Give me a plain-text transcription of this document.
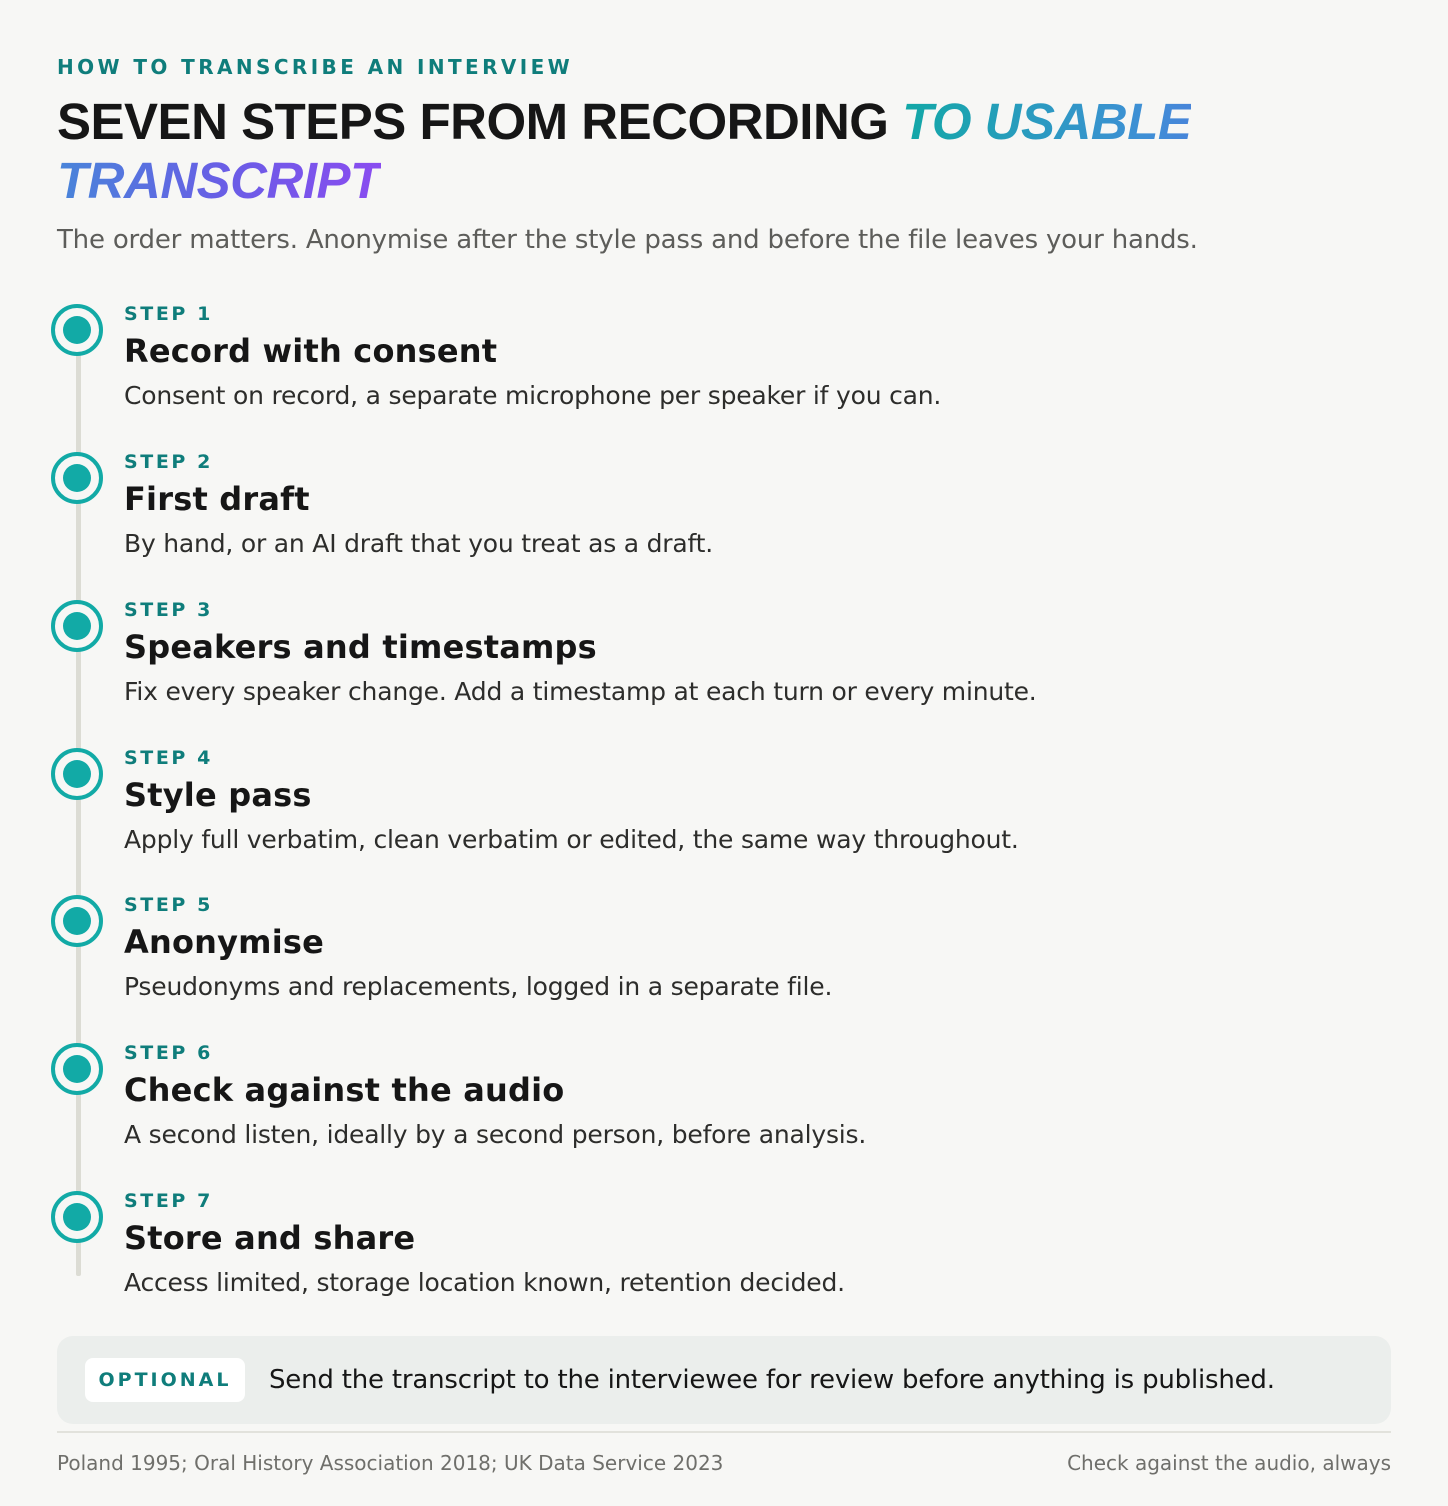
HOW TO TRANSCRIBE AN INTERVIEW
SEVEN STEPS FROM RECORDING TO USABLE TRANSCRIPT
The order matters. Anonymise after the style pass and before the file leaves your hands.
STEP 1
Record with consent
Consent on record, a separate microphone per speaker if you can.
STEP 2
First draft
By hand, or an AI draft that you treat as a draft.
STEP 3
Speakers and timestamps
Fix every speaker change. Add a timestamp at each turn or every minute.
STEP 4
Style pass
Apply full verbatim, clean verbatim or edited, the same way throughout.
STEP 5
Anonymise
Pseudonyms and replacements, logged in a separate file.
STEP 6
Check against the audio
A second listen, ideally by a second person, before analysis.
STEP 7
Store and share
Access limited, storage location known, retention decided.
OPTIONAL	Send the transcript to the interviewee for review before anything is published.
Poland 1995; Oral History Association 2018; UK Data Service 2023	Check against the audio, always
